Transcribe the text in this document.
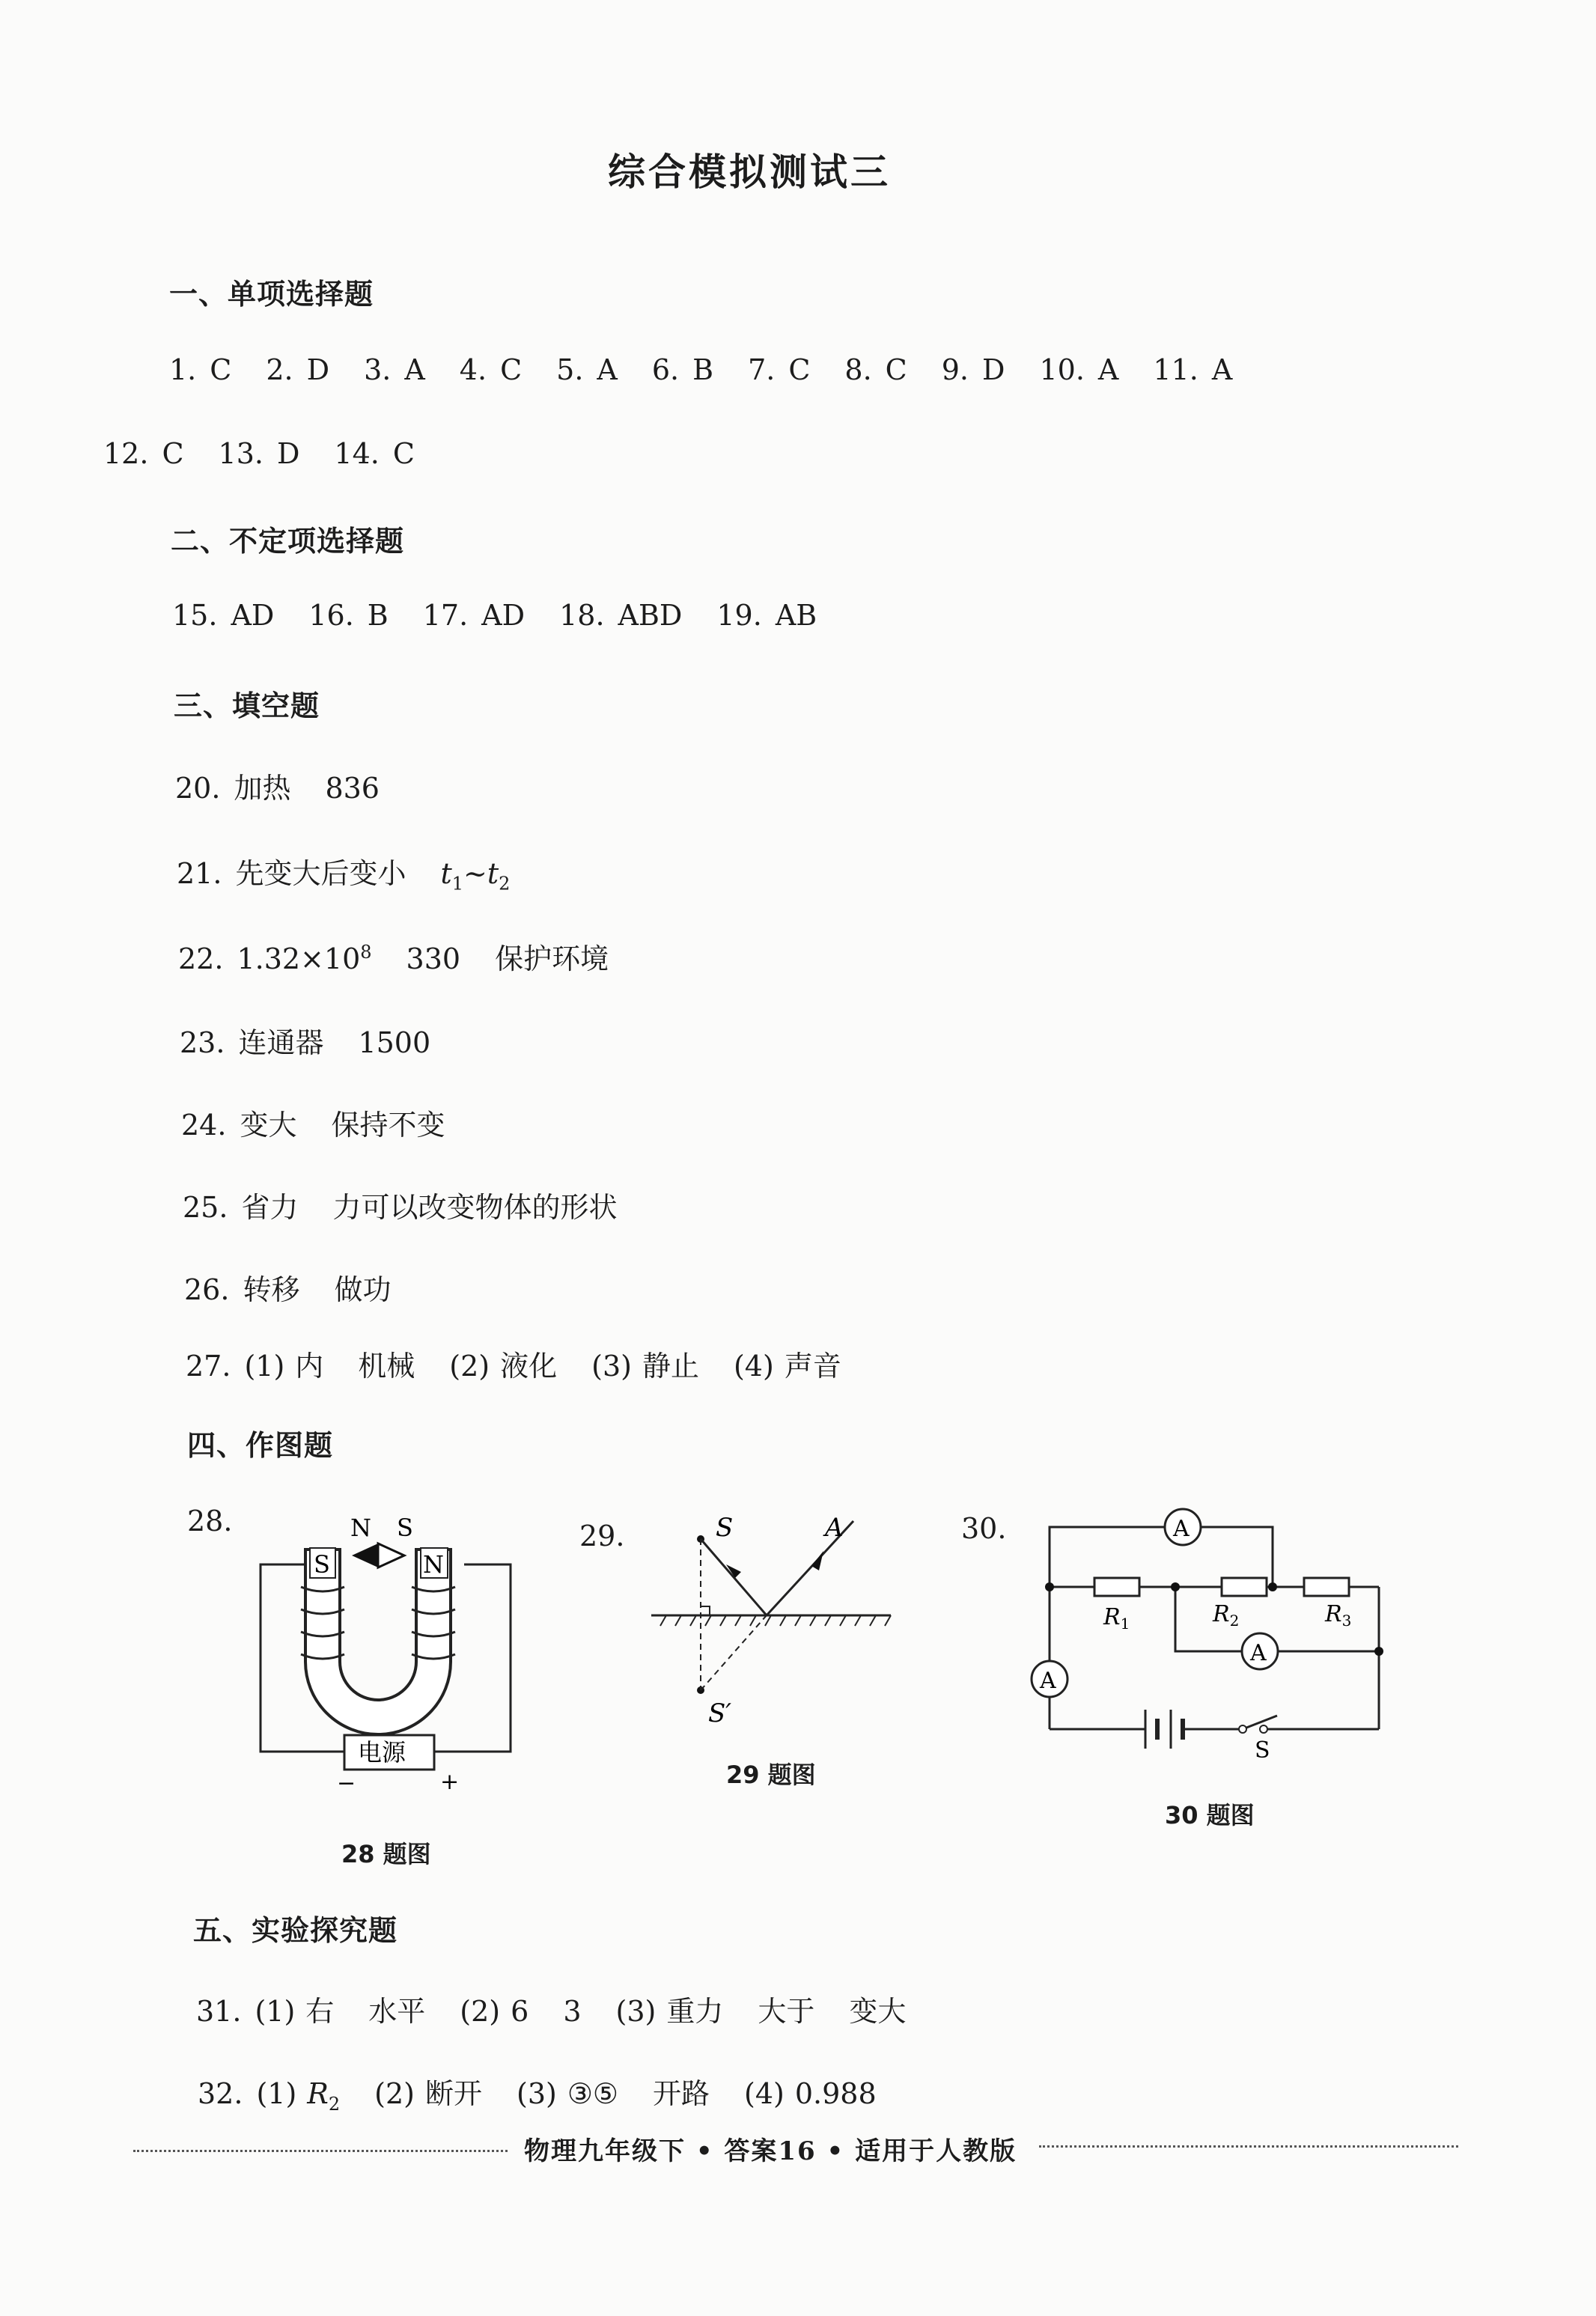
综合模拟测试三
一、单项选择题
1. C 2. D 3. A 4. C 5. A 6. B 7. C 8. C 9. D 10. A 11. A
12. C 13. D 14. C
二、不定项选择题
15. AD 16. B 17. AD 18. ABD 19. AB
三、填空题
20. 加热 836
21. 先变大后变小 $t_1\sim t_2$
22. $1.32\times 10^8$ 330 保护环境
23. 连通器 1500
24. 变大 保持不变
25. 省力 力可以改变物体的形状
26. 转移 做功
27. (1) 内 机械 (2) 液化 (3) 静止 (4) 声音
四、作图题
28.	N S
S	N
电源
−	+
28 题图
29.	S	A
S′
29 题图
30.	A
A
A
$R_1$	$R_2$	$R_3$
S
30 题图
五、实验探究题
31. (1) 右 水平 (2) 6 3 (3) 重力 大于 变大
32. (1) $R_2$ (2) 断开 (3) ③⑤ 开路 (4) 0.988
物理九年级下 • 答案16 • 适用于人教版
